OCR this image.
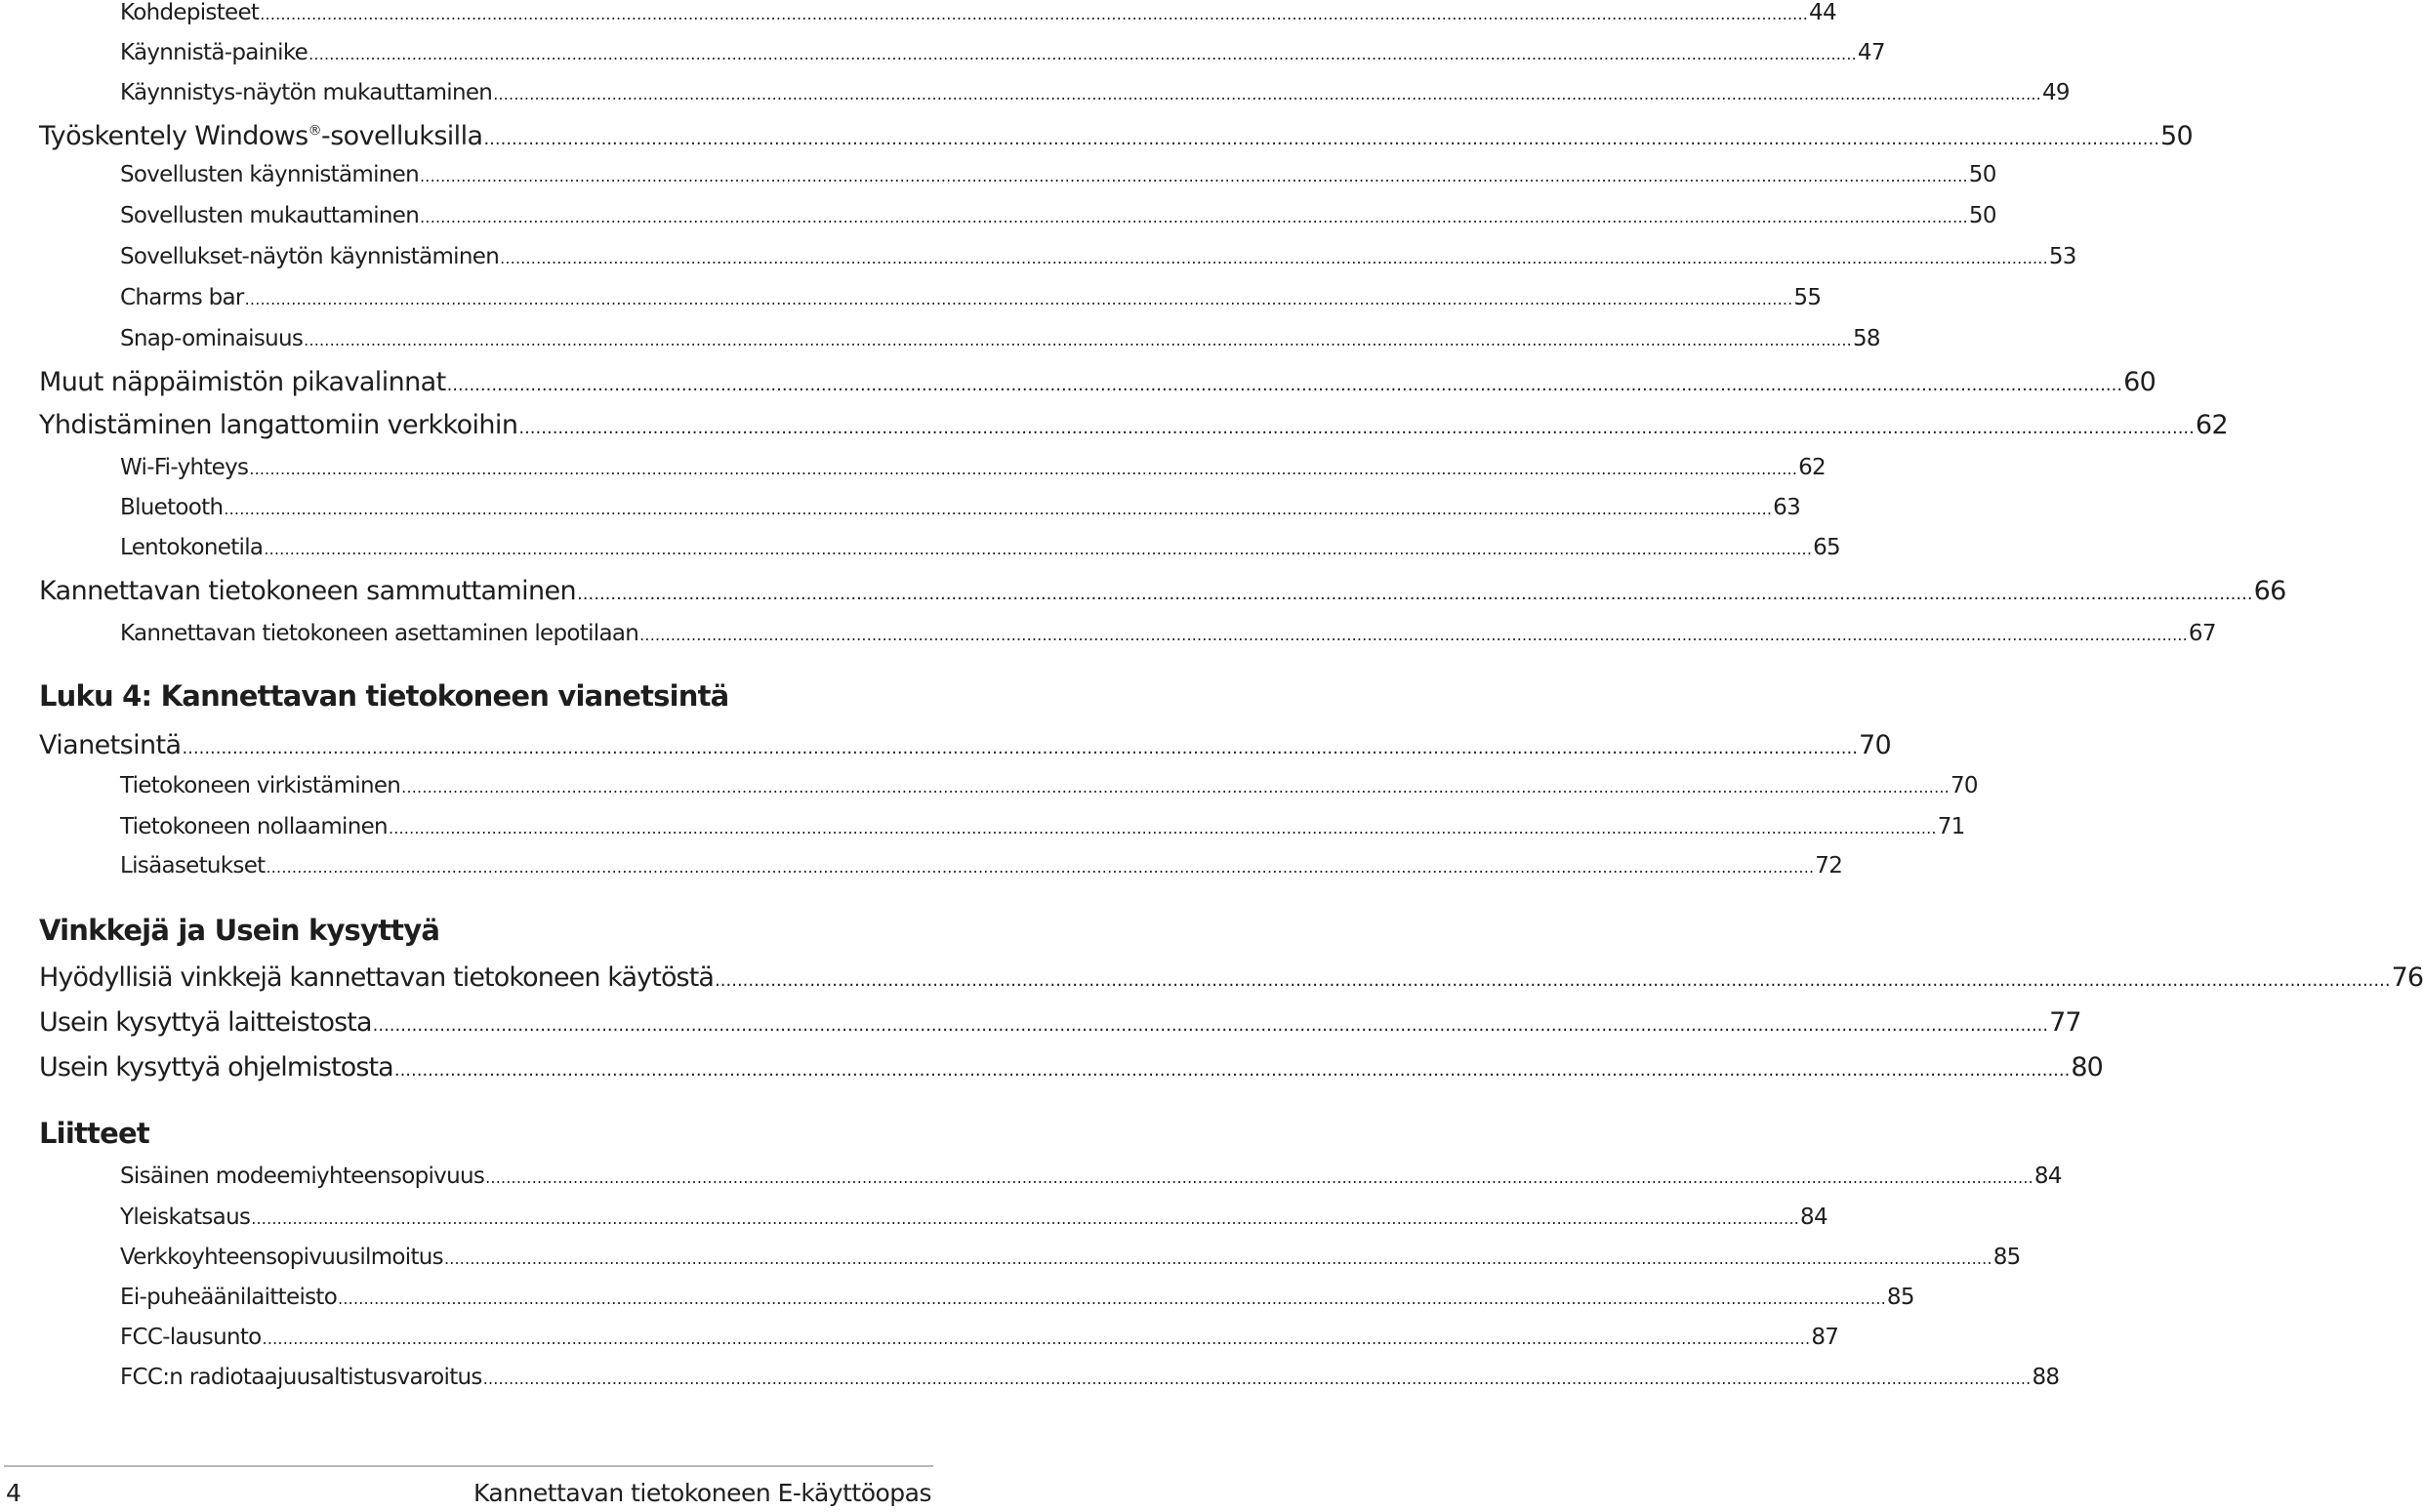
Kohdepisteet ............................................................................................................................................................................................................................................................................................................ 44
Käynnistä-painike ............................................................................................................................................................................................................................................................................................................ 47
Käynnistys-näytön mukauttaminen ............................................................................................................................................................................................................................................................................................................ 49
Työskentely Windows®-sovelluksilla ............................................................................................................................................................................................................................................................................................................ 50
Sovellusten käynnistäminen ............................................................................................................................................................................................................................................................................................................ 50
Sovellusten mukauttaminen ............................................................................................................................................................................................................................................................................................................ 50
Sovellukset-näytön käynnistäminen ............................................................................................................................................................................................................................................................................................................ 53
Charms bar ............................................................................................................................................................................................................................................................................................................ 55
Snap-ominaisuus ............................................................................................................................................................................................................................................................................................................ 58
Muut näppäimistön pikavalinnat ............................................................................................................................................................................................................................................................................................................ 60
Yhdistäminen langattomiin verkkoihin ............................................................................................................................................................................................................................................................................................................ 62
Wi-Fi-yhteys ............................................................................................................................................................................................................................................................................................................ 62
Bluetooth ............................................................................................................................................................................................................................................................................................................ 63
Lentokonetila ............................................................................................................................................................................................................................................................................................................ 65
Kannettavan tietokoneen sammuttaminen ............................................................................................................................................................................................................................................................................................................ 66
Kannettavan tietokoneen asettaminen lepotilaan ............................................................................................................................................................................................................................................................................................................ 67
Luku 4: Kannettavan tietokoneen vianetsintä
Vianetsintä ............................................................................................................................................................................................................................................................................................................ 70
Tietokoneen virkistäminen ............................................................................................................................................................................................................................................................................................................ 70
Tietokoneen nollaaminen ............................................................................................................................................................................................................................................................................................................ 71
Lisäasetukset ............................................................................................................................................................................................................................................................................................................ 72
Vinkkejä ja Usein kysyttyä
Hyödyllisiä vinkkejä kannettavan tietokoneen käytöstä ............................................................................................................................................................................................................................................................................................................ 76
Usein kysyttyä laitteistosta ............................................................................................................................................................................................................................................................................................................ 77
Usein kysyttyä ohjelmistosta ............................................................................................................................................................................................................................................................................................................ 80
Liitteet
Sisäinen modeemiyhteensopivuus ............................................................................................................................................................................................................................................................................................................ 84
Yleiskatsaus ............................................................................................................................................................................................................................................................................................................ 84
Verkkoyhteensopivuusilmoitus ............................................................................................................................................................................................................................................................................................................ 85
Ei-puheäänilaitteisto ............................................................................................................................................................................................................................................................................................................ 85
FCC-lausunto ............................................................................................................................................................................................................................................................................................................ 87
FCC:n radiotaajuusaltistusvaroitus ............................................................................................................................................................................................................................................................................................................ 88
4	Kannettavan tietokoneen E-käyttöopas
